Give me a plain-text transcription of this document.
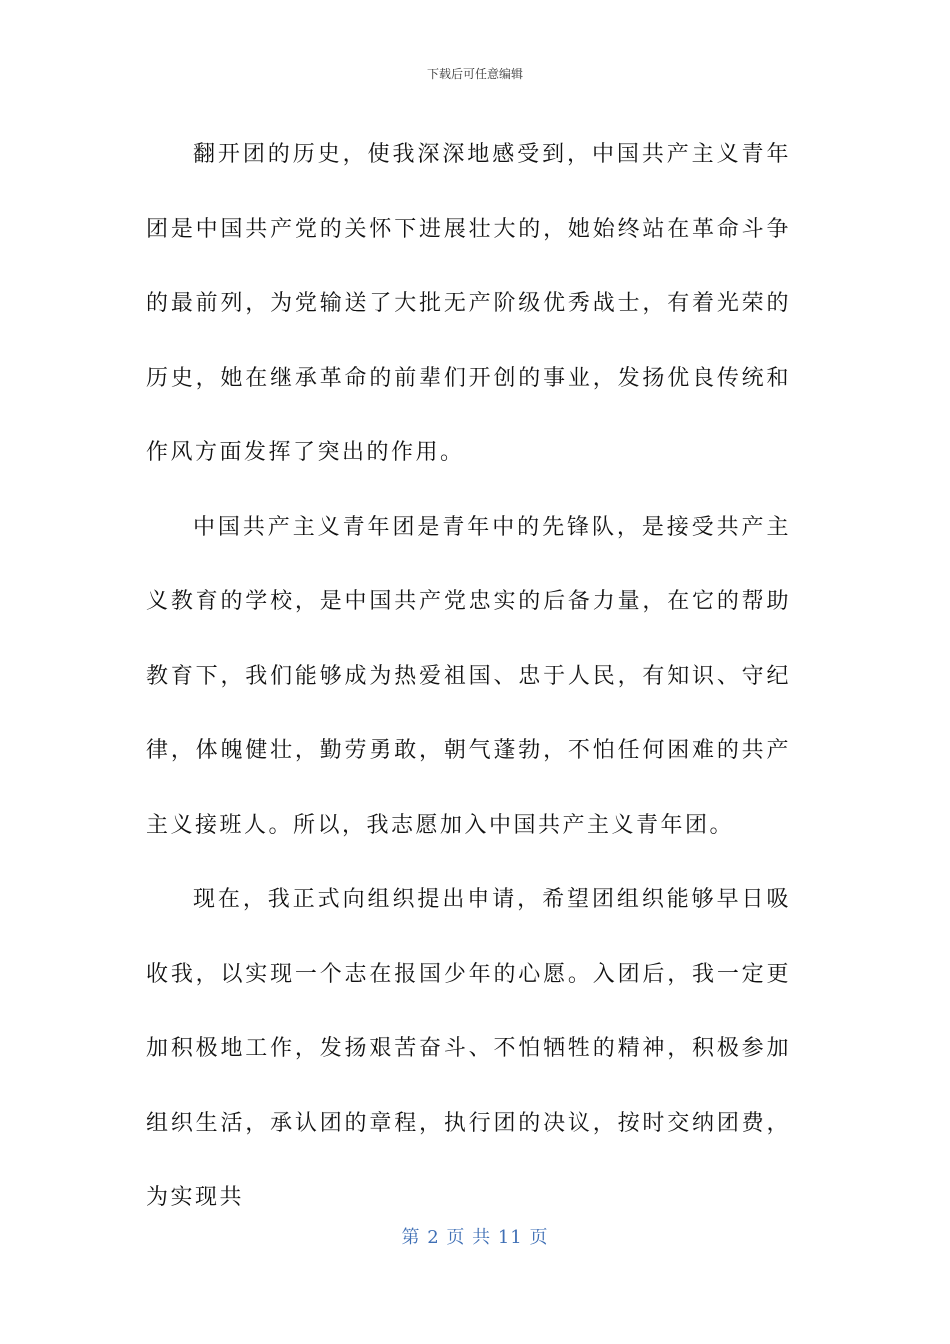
下载后可任意编辑

翻开团的历史，使我深深地感受到，中国共产主义青年团是中国共产党的关怀下进展壮大的，她始终站在革命斗争的最前列，为党输送了大批无产阶级优秀战士，有着光荣的历史，她在继承革命的前辈们开创的事业，发扬优良传统和作风方面发挥了突出的作用。

中国共产主义青年团是青年中的先锋队，是接受共产主义教育的学校，是中国共产党忠实的后备力量，在它的帮助教育下，我们能够成为热爱祖国、忠于人民，有知识、守纪律，体魄健壮，勤劳勇敢，朝气蓬勃，不怕任何困难的共产主义接班人。所以，我志愿加入中国共产主义青年团。

现在，我正式向组织提出申请，希望团组织能够早日吸收我，以实现一个志在报国少年的心愿。入团后，我一定更加积极地工作，发扬艰苦奋斗、不怕牺牲的精神，积极参加组织生活，承认团的章程，执行团的决议，按时交纳团费，为实现共

第 2 页 共 11 页
